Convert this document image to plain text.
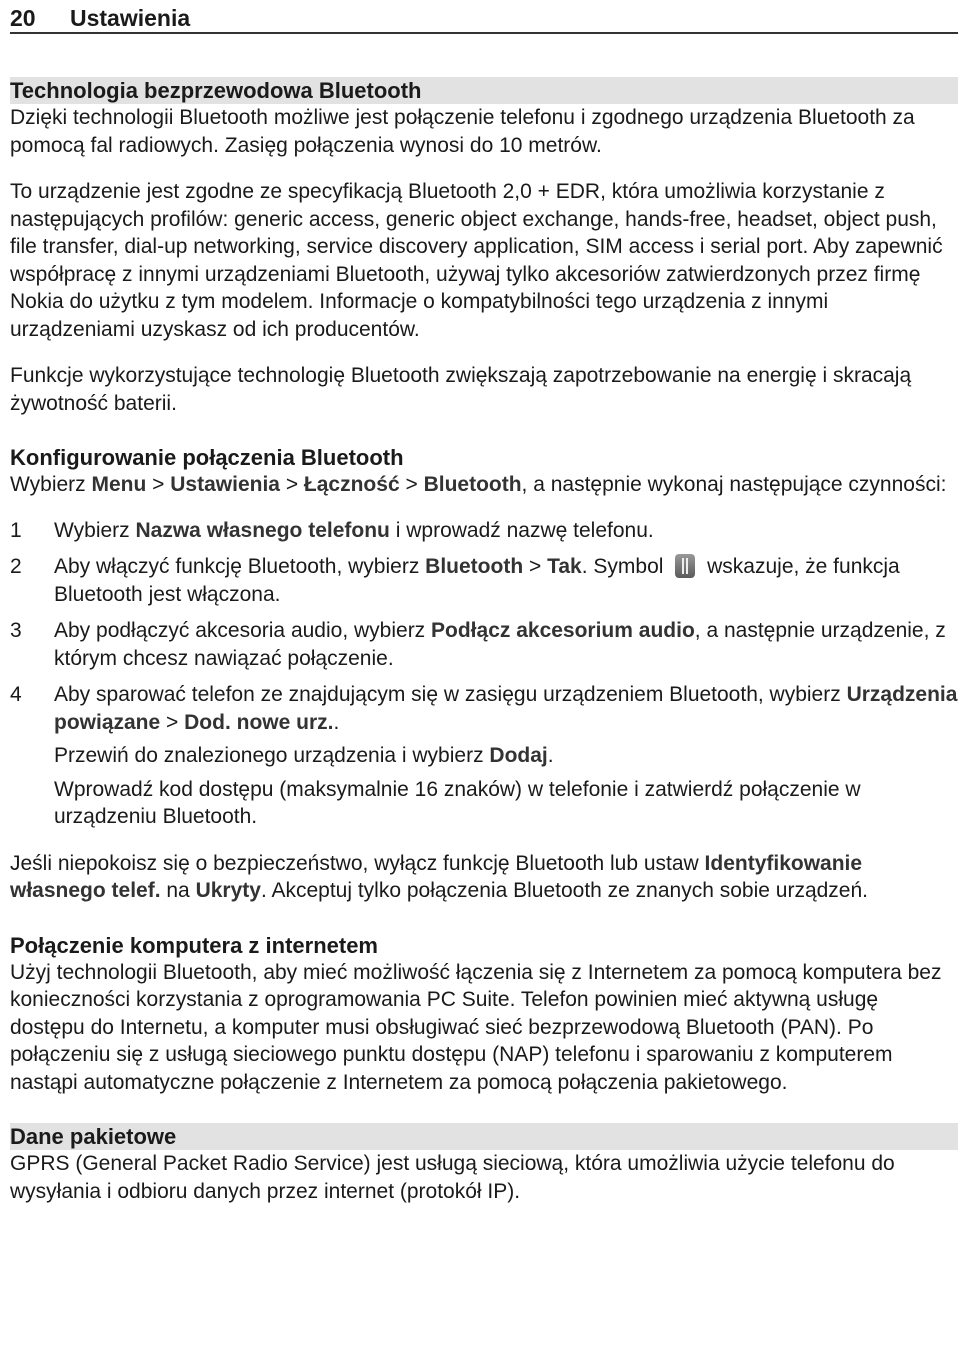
20	Ustawienia
Technologia bezprzewodowa Bluetooth

Dzięki technologii Bluetooth możliwe jest połączenie telefonu i zgodnego urządzenia Bluetooth za pomocą fal radiowych. Zasięg połączenia wynosi do 10 metrów.

To urządzenie jest zgodne ze specyfikacją Bluetooth 2,0 + EDR, która umożliwia korzystanie z następujących profilów: generic access, generic object exchange, hands-free, headset, object push, file transfer, dial-up networking, service discovery application, SIM access i serial port. Aby zapewnić współpracę z innymi urządzeniami Bluetooth, używaj tylko akcesoriów zatwierdzonych przez firmę Nokia do użytku z tym modelem. Informacje o kompatybilności tego urządzenia z innymi urządzeniami uzyskasz od ich producentów.

Funkcje wykorzystujące technologię Bluetooth zwiększają zapotrzebowanie na energię i skracają żywotność baterii.

Konfigurowanie połączenia Bluetooth

Wybierz Menu > Ustawienia > Łączność > Bluetooth, a następnie wykonaj następujące czynności:

1	Wybierz Nazwa własnego telefonu i wprowadź nazwę telefonu.
2	Aby włączyć funkcję Bluetooth, wybierz Bluetooth > Tak. Symbol wskazuje, że funkcja Bluetooth jest włączona.
3	Aby podłączyć akcesoria audio, wybierz Podłącz akcesorium audio, a następnie urządzenie, z którym chcesz nawiązać połączenie.
4	Aby sparować telefon ze znajdującym się w zasięgu urządzeniem Bluetooth, wybierz Urządzenia powiązane > Dod. nowe urz..

Przewiń do znalezionego urządzenia i wybierz Dodaj.

Wprowadź kod dostępu (maksymalnie 16 znaków) w telefonie i zatwierdź połączenie w urządzeniu Bluetooth.

Jeśli niepokoisz się o bezpieczeństwo, wyłącz funkcję Bluetooth lub ustaw Identyfikowanie własnego telef. na Ukryty. Akceptuj tylko połączenia Bluetooth ze znanych sobie urządzeń.

Połączenie komputera z internetem

Użyj technologii Bluetooth, aby mieć możliwość łączenia się z Internetem za pomocą komputera bez konieczności korzystania z oprogramowania PC Suite. Telefon powinien mieć aktywną usługę dostępu do Internetu, a komputer musi obsługiwać sieć bezprzewodową Bluetooth (PAN). Po połączeniu się z usługą sieciowego punktu dostępu (NAP) telefonu i sparowaniu z komputerem nastąpi automatyczne połączenie z Internetem za pomocą połączenia pakietowego.

Dane pakietowe

GPRS (General Packet Radio Service) jest usługą sieciową, która umożliwia użycie telefonu do wysyłania i odbioru danych przez internet (protokół IP).
